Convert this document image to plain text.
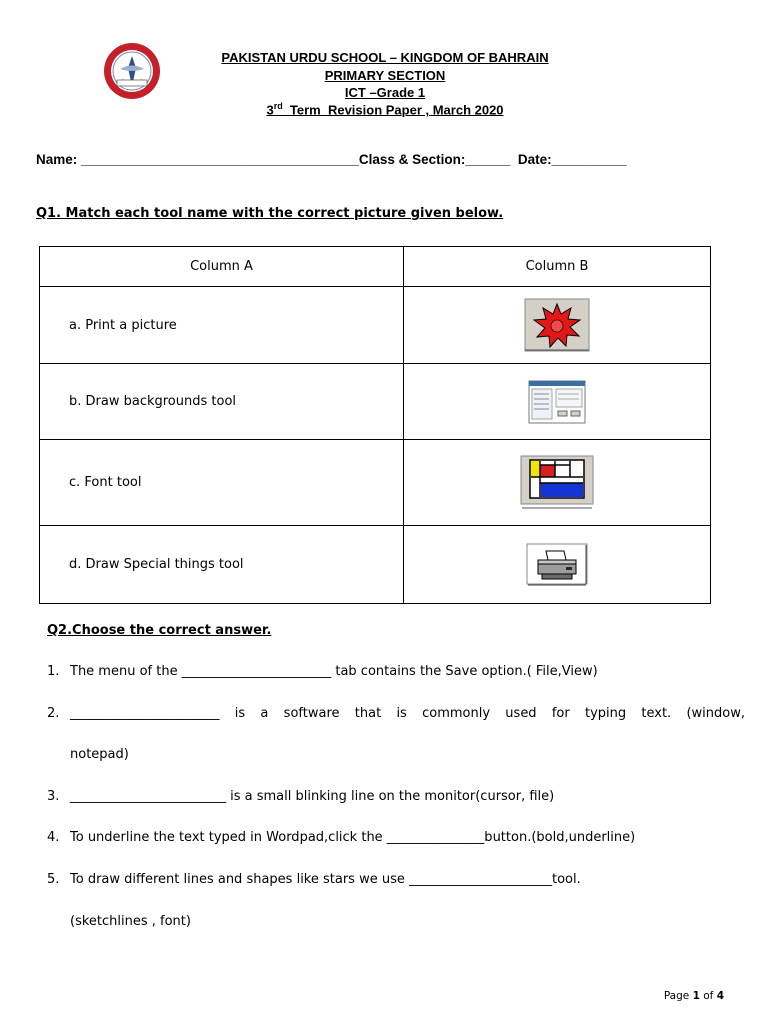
PAKISTAN URDU SCHOOL – KINGDOM OF BAHRAIN
PRIMARY SECTION
ICT –Grade 1
3rd  Term  Revision Paper , March 2020
Name: _____________________________________Class & Section:______  Date:__________
Q1. Match each tool name with the correct picture given below.
Column A	Column B
a. Print a picture	
b. Draw backgrounds tool	
c. Font tool	
d. Draw Special things tool	
Q2.Choose the correct answer.
1. The menu of the _______________________ tab contains the Save option.( File,View)
2. _______________________ is a software that is commonly used for typing text. (window,
notepad)
3. ________________________ is a small blinking line on the monitor(cursor, file)
4. To underline the text typed in Wordpad,click the _______________button.(bold,underline)
5. To draw different lines and shapes like stars we use ______________________tool.
(sketchlines , font)
Page 1 of 4
